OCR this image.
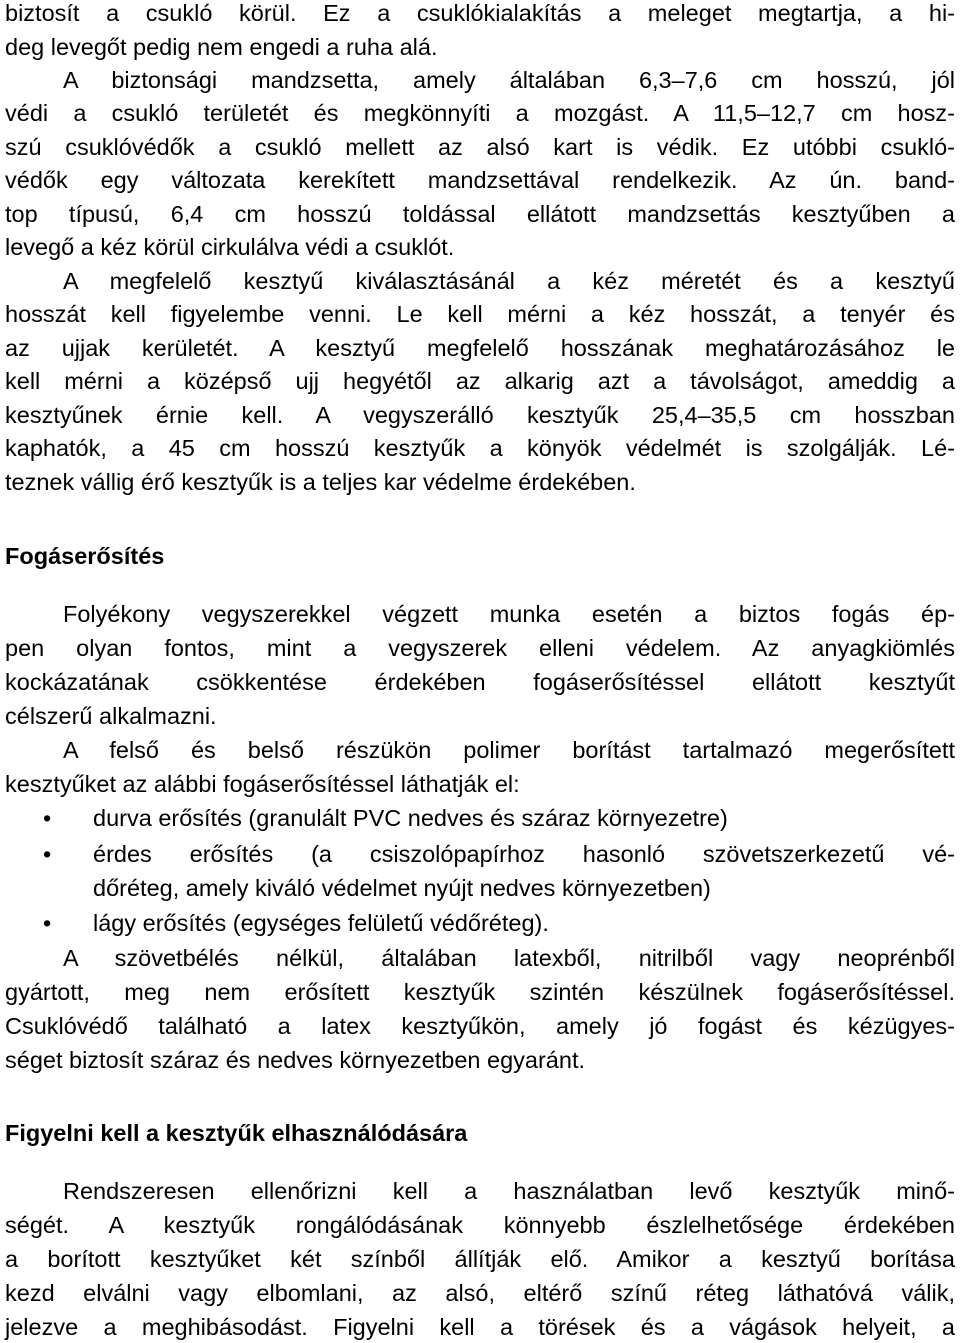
biztosít a csukló körül. Ez a csuklókialakítás a meleget megtartja, a hi-
deg levegőt pedig nem engedi a ruha alá.
A biztonsági mandzsetta, amely általában 6,3–7,6 cm hosszú, jól
védi a csukló területét és megkönnyíti a mozgást. A 11,5–12,7 cm hosz-
szú csuklóvédők a csukló mellett az alsó kart is védik. Ez utóbbi csukló-
védők egy változata kerekített mandzsettával rendelkezik. Az ún. band-
top típusú, 6,4 cm hosszú toldással ellátott mandzsettás kesztyűben a
levegő a kéz körül cirkulálva védi a csuklót.
A megfelelő kesztyű kiválasztásánál a kéz méretét és a kesztyű
hosszát kell figyelembe venni. Le kell mérni a kéz hosszát, a tenyér és
az ujjak kerületét. A kesztyű megfelelő hosszának meghatározásához le
kell mérni a középső ujj hegyétől az alkarig azt a távolságot, ameddig a
kesztyűnek érnie kell. A vegyszerálló kesztyűk 25,4–35,5 cm hosszban
kaphatók, a 45 cm hosszú kesztyűk a könyök védelmét is szolgálják. Lé-
teznek vállig érő kesztyűk is a teljes kar védelme érdekében.
Fogáserősítés
Folyékony vegyszerekkel végzett munka esetén a biztos fogás ép-
pen olyan fontos, mint a vegyszerek elleni védelem. Az anyagkiömlés
kockázatának csökkentése érdekében fogáserősítéssel ellátott kesztyűt
célszerű alkalmazni.
A felső és belső részükön polimer borítást tartalmazó megerősített
kesztyűket az alábbi fogáserősítéssel láthatják el:
• durva erősítés (granulált PVC nedves és száraz környezetre)
• érdes erősítés (a csiszolópapírhoz hasonló szövetszerkezetű vé-
dőréteg, amely kiváló védelmet nyújt nedves környezetben)
• lágy erősítés (egységes felületű védőréteg).
A szövetbélés nélkül, általában latexből, nitrilből vagy neoprénből
gyártott, meg nem erősített kesztyűk szintén készülnek fogáserősítéssel.
Csuklóvédő található a latex kesztyűkön, amely jó fogást és kézügyes-
séget biztosít száraz és nedves környezetben egyaránt.
Figyelni kell a kesztyűk elhasználódására
Rendszeresen ellenőrizni kell a használatban levő kesztyűk minő-
ségét. A kesztyűk rongálódásának könnyebb észlelhetősége érdekében
a borított kesztyűket két színből állítják elő. Amikor a kesztyű borítása
kezd elválni vagy elbomlani, az alsó, eltérő színű réteg láthatóvá válik,
jelezve a meghibásodást. Figyelni kell a törések és a vágások helyeit, a
